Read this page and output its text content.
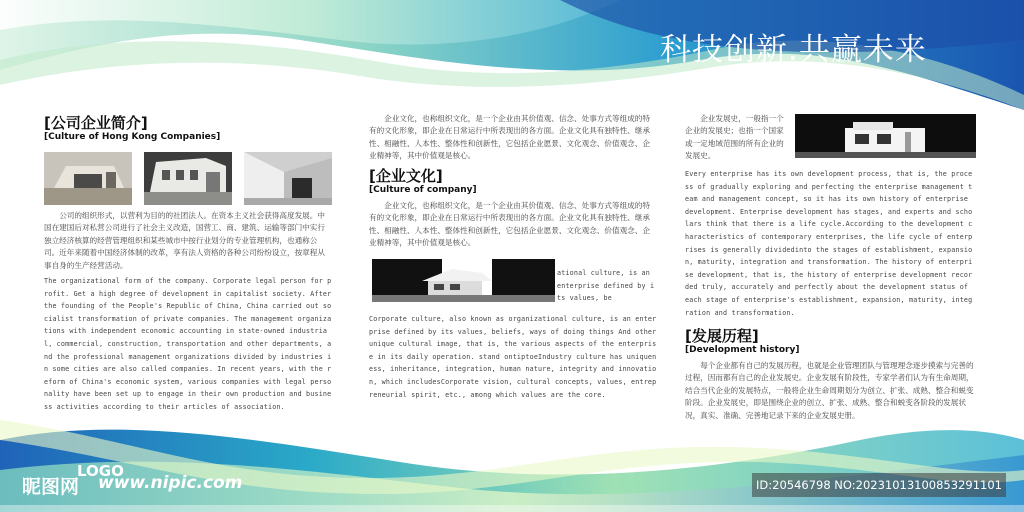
科技创新.共赢未来
[公司企业简介]
[Culture of Hong Kong Companies]

公司的组织形式，以营利为目的的社团法人。在资本主义社会获得高度发展。中国在建国后对私营公司进行了社会主义改造，国营工、商、建筑、运输等部门中实行独立经济核算的经营管理组织和某些城市中按行业划分的专业管理机构，也通称公司。近年来随着中国经济体制的改革，享有法人资格的各种公司纷纷设立，按章程从事自身的生产经营活动。

The organizational form of the company. Corporate legal person for profit. Get a high degree of development in capitalist society. After the founding of the People's Republic of China, China carried out socialist transformation of private companies. The management organizations with independent economic accounting in state-owned industrial, commercial, construction, transportation and other departments, and the professional management organizations divided by industries in some cities are also called companies. In recent years, with the reform of China's economic system, various companies with legal personality have been set up to engage in their own production and business activities according to their articles of association.

企业文化，也称组织文化，是一个企业由其价值观、信念、处事方式等组成的特有的文化形象，即企业在日常运行中所表现出的各方面。企业文化具有独特性、继承性、相融性、人本性、整体性和创新性，它包括企业愿景、文化观念、价值观念、企业精神等，其中价值观是核心。

[企业文化]
[Culture of company]

企业文化，也称组织文化，是一个企业由其价值观、信念、处事方式等组成的特有的文化形象，即企业在日常运行中所表现出的各方面。企业文化具有独特性、继承性、相融性、人本性、整体性和创新性，它包括企业愿景、文化观念、价值观念、企业精神等，其中价值观是核心。

ational culture, is an enterprise defined by its values, be

Corporate culture, also known as organizational culture, is an enterprise defined by its values, beliefs, ways of doing things And other unique cultural image, that is, the various aspects of the enterprise in its daily operation. stand ontiptoeIndustry culture has uniqueness, inheritance, integration, human nature, integrity and innovation, which includesCorporate vision, cultural concepts, values, entrepreneurial spirit, etc., among which values are the core.

企业发展史，一般指一个企业的发展史；也指一个国家或一定地域范围的所有企业的发展史。

Every enterprise has its own development process, that is, the process of gradually exploring and perfecting the enterprise management team and management concept, so it has its own history of enterprise development. Enterprise development has stages, and experts and scholars think that there is a life cycle.According to the development characteristics of contemporary enterprises, the life cycle of enterprises is generally dividedinto the stages of establishment, expansion, maturity, integration and transformation. The history of enterprise development, that is, the history of enterprise development recorded truly, accurately and perfectly about the development status of each stage of enterprise's establishment, expansion, maturity, integration and transformation.

[发展历程]
[Development history]

每个企业都有自己的发展历程，也就是企业管理团队与管理理念逐步摸索与完善的过程，因而都有自己的企业发展史。企业发展有阶段性，专家学者们认为有生命周期，结合当代企业的发展特点，一般将企业生命周期划分为创立、扩张、成熟、整合和蜕变阶段。企业发展史，即是围绕企业的创立、扩张、成熟、整合和蜕变各阶段的发展状况，真实、准确、完善地记录下来的企业发展史册。

LOGO
昵图网 www.nipic.com	ID:20546798 NO:20231013100853291101
